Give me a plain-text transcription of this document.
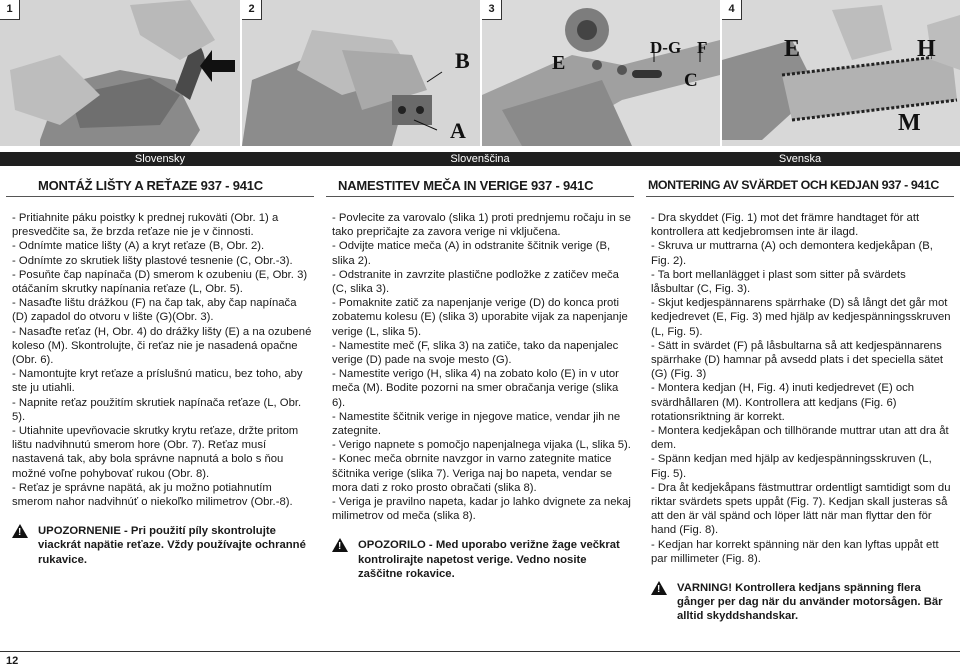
1	2
B
A
3
E
D-G F
C
4
E	H
M
Slovensky	Slovenščina	Svenska
MONTÁŽ LIŠTY A REŤAZE 937 - 941C	NAMESTITEV MEČA IN VERIGE 937 - 941C	MONTERING AV SVÄRDET OCH KEDJAN 937 - 941C

- Pritiahnite páku poistky k prednej rukoväti (Obr. 1) a presvedčite sa, že brzda reťaze nie je v činnosti.

- Odnímte matice lišty (A) a kryt reťaze (B, Obr. 2).

- Odnímte zo skrutiek lišty plastové tesnenie (C, Obr.-3).

- Posuňte čap napínača (D) smerom k ozubeniu (E, Obr. 3) otáčaním skrutky napínania reťaze (L, Obr. 5).

- Nasaďte lištu drážkou (F) na čap tak, aby čap napínača (D) zapadol do otvoru v lište (G)(Obr. 3).

- Nasaďte reťaz (H, Obr. 4) do drážky lišty (E) a na ozubené koleso (M). Skontrolujte, či reťaz nie je nasadená opačne (Obr. 6).

- Namontujte kryt reťaze a príslušnú maticu, bez toho, aby ste ju utiahli.

- Napnite reťaz použitím skrutiek napínača reťaze (L, Obr. 5).

- Utiahnite upevňovacie skrutky krytu reťaze, držte pritom lištu nadvihnutú smerom hore (Obr. 7). Reťaz musí nastavená tak, aby bola správne napnutá a bolo s ňou možné voľne pohybovať rukou (Obr. 8).

- Reťaz je správne napätá, ak ju možno potiahnutím smerom nahor nadvihnúť o niekoľko milimetrov (Obr.-8).

!
UPOZORNENIE - Pri použití píly skontrolujte viackrát napätie reťaze. Vždy používajte ochranné rukavice.

- Povlecite za varovalo (slika 1) proti prednjemu ročaju in se tako prepričajte za zavora verige ni vključena.

- Odvijte matice meča (A) in odstranite ščitnik verige (B, slika 2).

- Odstranite in zavrzite plastične podložke z zatičev meča (C, slika 3).

- Pomaknite zatič za napenjanje verige (D) do konca proti zobatemu kolesu (E) (slika 3) uporabite vijak za napenjanje verige (L, slika 5).

- Namestite meč (F, slika 3) na zatiče, tako da napenjalec verige (D) pade na svoje mesto (G).

- Namestite verigo (H, slika 4) na zobato kolo (E) in v utor meča (M). Bodite pozorni na smer obračanja verige (slika 6).

- Namestite ščitnik verige in njegove matice, vendar jih ne zategnite.

- Verigo napnete s pomočjo napenjalnega vijaka (L, slika 5).

- Konec meča obrnite navzgor in varno zategnite matice ščitnika verige (slika 7). Veriga naj bo napeta, vendar se mora dati z roko prosto obračati (slika 8).

- Veriga je pravilno napeta, kadar jo lahko dvignete za nekaj milimetrov od meča (slika 8).

!
OPOZORILO - Med uporabo verižne žage večkrat kontrolirajte napetost verige. Vedno nosite zaščitne rokavice.

- Dra skyddet (Fig. 1) mot det främre handtaget för att kontrollera att kedjebromsen inte är ilagd.

- Skruva ur muttrarna (A) och demontera kedjekåpan (B, Fig. 2).

- Ta bort mellanlägget i plast som sitter på svärdets låsbultar (C, Fig. 3).

- Skjut kedjespännarens spärrhake (D) så långt det går mot kedjedrevet (E, Fig. 3) med hjälp av kedjespänningsskruven (L, Fig. 5).

- Sätt in svärdet (F) på låsbultarna så att kedjespännarens spärrhake (D) hamnar på avsedd plats i det speciella sätet (G) (Fig. 3)

- Montera kedjan (H, Fig. 4) inuti kedjedrevet (E) och svärdhållaren (M). Kontrollera att kedjans (Fig. 6) rotationsriktning är korrekt.

- Montera kedjekåpan och tillhörande muttrar utan att dra åt dem.

- Spänn kedjan med hjälp av kedjespänningsskruven (L, Fig. 5).

- Dra åt kedjekåpans fästmuttrar ordentligt samtidigt som du riktar svärdets spets uppåt (Fig. 7). Kedjan skall justeras så att den är väl spänd och löper lätt när man flyttar den för hand (Fig. 8).

- Kedjan har korrekt spänning när den kan lyftas uppåt ett par millimeter (Fig. 8).

!
VARNING! Kontrollera kedjans spänning flera gånger per dag när du använder motorsågen. Bär alltid skyddshandskar.
12
